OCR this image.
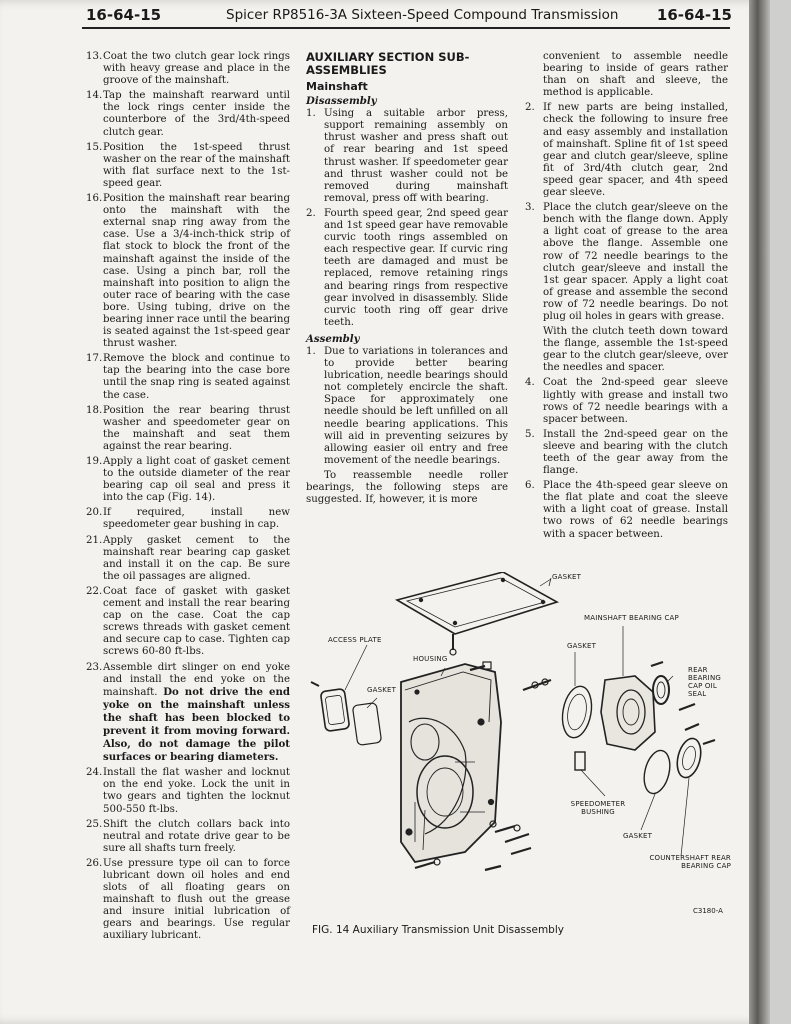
16-64-15	Spicer RP8516-3A Sixteen-Speed Compound Transmission	16-64-15
13. Coat the two clutch gear lock rings with heavy grease and place in the groove of the mainshaft.
14. Tap the mainshaft rearward until the lock rings center inside the counterbore of the 3rd/4th-speed clutch gear.
15. Position the 1st-speed thrust washer on the rear of the mainshaft with flat surface next to the 1st-speed gear.
16. Position the mainshaft rear bearing onto the mainshaft with the external snap ring away from the case. Use a 3/4-inch-thick strip of flat stock to block the front of the mainshaft against the inside of the case. Using a pinch bar, roll the mainshaft into position to align the outer race of bearing with the case bore. Using tubing, drive on the bearing inner race until the bearing is seated against the 1st-speed gear thrust washer.
17. Remove the block and continue to tap the bearing into the case bore until the snap ring is seated against the case.
18. Position the rear bearing thrust washer and speedometer gear on the mainshaft and seat them against the rear bearing.
19. Apply a light coat of gasket cement to the outside diameter of the rear bearing cap oil seal and press it into the cap (Fig. 14).
20. If required, install new speedometer gear bushing in cap.
21. Apply gasket cement to the mainshaft rear bearing cap gasket and install it on the cap. Be sure the oil passages are aligned.
22. Coat face of gasket with gasket cement and install the rear bearing cap on the case. Coat the cap screws threads with gasket cement and secure cap to case. Tighten cap screws 60-80 ft-lbs.
23. Assemble dirt slinger on end yoke and install the end yoke on the mainshaft. Do not drive the end yoke on the mainshaft unless the shaft has been blocked to prevent it from moving forward. Also, do not damage the pilot surfaces or bearing diameters.
24. Install the flat washer and locknut on the end yoke. Lock the unit in two gears and tighten the locknut 500-550 ft-lbs.
25. Shift the clutch collars back into neutral and rotate drive gear to be sure all shafts turn freely.
26. Use pressure type oil can to force lubricant down oil holes and end slots of all floating gears on mainshaft to flush out the grease and insure initial lubrication of gears and bearings. Use regular auxiliary lubricant.
AUXILIARY SECTION SUB-ASSEMBLIES
Mainshaft
Disassembly
1. Using a suitable arbor press, support remaining assembly on thrust washer and press shaft out of rear bearing and 1st speed thrust washer. If speedometer gear and thrust washer could not be removed during mainshaft removal, press off with bearing.
2. Fourth speed gear, 2nd speed gear and 1st speed gear have removable curvic tooth rings assembled on each respective gear. If curvic ring teeth are damaged and must be replaced, remove retaining rings and bearing rings from respective gear involved in disassembly. Slide curvic tooth ring off gear drive teeth.
Assembly
1. Due to variations in tolerances and to provide better bearing lubrication, needle bearings should not completely encircle the shaft. Space for approximately one needle should be left unfilled on all needle bearing applications. This will aid in preventing seizures by allowing easier oil entry and free movement of the needle bearings.

To reassemble needle roller bearings, the following steps are suggested. If, however, it is more

convenient to assemble needle bearing to inside of gears rather than on shaft and sleeve, the method is applicable.

2. If new parts are being installed, check the following to insure free and easy assembly and installation of mainshaft. Spline fit of 1st speed gear and clutch gear/sleeve, spline fit of 3rd/4th clutch gear, 2nd speed gear spacer, and 4th speed gear sleeve.
3. Place the clutch gear/sleeve on the bench with the flange down. Apply a light coat of grease to the area above the flange. Assemble one row of 72 needle bearings to the clutch gear/sleeve and install the 1st gear spacer. Apply a light coat of grease and assemble the second row of 72 needle bearings. Do not plug oil holes in gears with grease.

With the clutch teeth down toward the flange, assemble the 1st-speed gear to the clutch gear/sleeve, over the needles and spacer.

4. Coat the 2nd-speed gear sleeve lightly with grease and install two rows of 72 needle bearings with a spacer between.
5. Install the 2nd-speed gear on the sleeve and bearing with the clutch teeth of the gear away from the flange.
6. Place the 4th-speed gear sleeve on the flat plate and coat the sleeve with a light coat of grease. Install two rows of 62 needle bearings with a spacer between.
GASKET
MAINSHAFT BEARING CAP
ACCESS PLATE
GASKET
HOUSING
GASKET
REAR BEARING CAP OIL SEAL
SPEEDOMETER BUSHING
GASKET
COUNTERSHAFT REAR BEARING CAP
C3180-A
FIG. 14 Auxiliary Transmission Unit Disassembly
